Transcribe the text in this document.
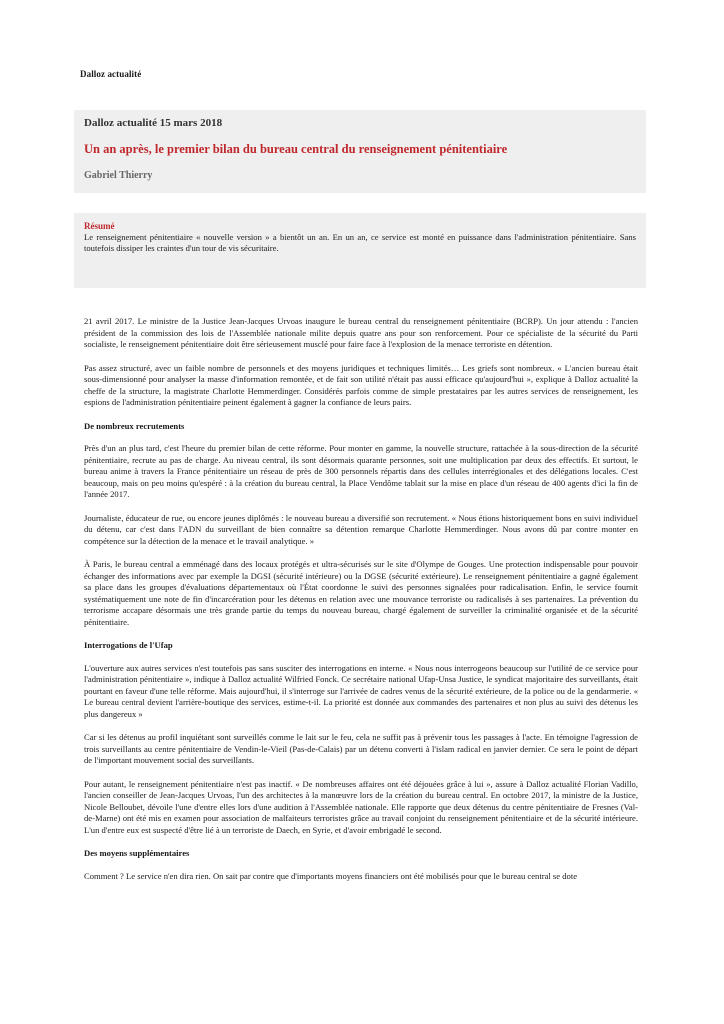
Dalloz actualité
Dalloz actualité 15 mars 2018
Un an après, le premier bilan du bureau central du renseignement pénitentiaire
Gabriel Thierry
Résumé
Le renseignement pénitentiaire « nouvelle version » a bientôt un an. En un an, ce service est monté en puissance dans l'administration pénitentiaire. Sans toutefois dissiper les craintes d'un tour de vis sécuritaire.

21 avril 2017. Le ministre de la Justice Jean-Jacques Urvoas inaugure le bureau central du renseignement pénitentiaire (BCRP). Un jour attendu : l'ancien président de la commission des lois de l'Assemblée nationale milite depuis quatre ans pour son renforcement. Pour ce spécialiste de la sécurité du Parti socialiste, le renseignement pénitentiaire doit être sérieusement musclé pour faire face à l'explosion de la menace terroriste en détention.

Pas assez structuré, avec un faible nombre de personnels et des moyens juridiques et techniques limités… Les griefs sont nombreux. « L'ancien bureau était sous-dimensionné pour analyser la masse d'information remontée, et de fait son utilité n'était pas aussi efficace qu'aujourd'hui », explique à Dalloz actualité la cheffe de la structure, la magistrate Charlotte Hemmerdinger. Considérés parfois comme de simple prestataires par les autres services de renseignement, les espions de l'administration pénitentiaire peinent également à gagner la confiance de leurs pairs.

De nombreux recrutements

Près d'un an plus tard, c'est l'heure du premier bilan de cette réforme. Pour monter en gamme, la nouvelle structure, rattachée à la sous-direction de la sécurité pénitentiaire, recrute au pas de charge. Au niveau central, ils sont désormais quarante personnes, soit une multiplication par deux des effectifs. Et surtout, le bureau anime à travers la France pénitentiaire un réseau de près de 300 personnels répartis dans des cellules interrégionales et des délégations locales. C'est beaucoup, mais on peu moins qu'espéré : à la création du bureau central, la Place Vendôme tablait sur la mise en place d'un réseau de 400 agents d'ici la fin de l'année 2017.

Journaliste, éducateur de rue, ou encore jeunes diplômés : le nouveau bureau a diversifié son recrutement. « Nous étions historiquement bons en suivi individuel du détenu, car c'est dans l'ADN du surveillant de bien connaître sa détention remarque Charlotte Hemmerdinger. Nous avons dû par contre monter en compétence sur la détection de la menace et le travail analytique. »

À Paris, le bureau central a emménagé dans des locaux protégés et ultra-sécurisés sur le site d'Olympe de Gouges. Une protection indispensable pour pouvoir échanger des informations avec par exemple la DGSI (sécurité intérieure) ou la DGSE (sécurité extérieure). Le renseignement pénitentiaire a gagné également sa place dans les groupes d'évaluations départementaux où l'État coordonne le suivi des personnes signalées pour radicalisation. Enfin, le service fournit systématiquement une note de fin d'incarcération pour les détenus en relation avec une mouvance terroriste ou radicalisés à ses partenaires. La prévention du terrorisme accapare désormais une très grande partie du temps du nouveau bureau, chargé également de surveiller la criminalité organisée et de la sécurité pénitentiaire.

Interrogations de l'Ufap

L'ouverture aux autres services n'est toutefois pas sans susciter des interrogations en interne. « Nous nous interrogeons beaucoup sur l'utilité de ce service pour l'administration pénitentiaire », indique à Dalloz actualité Wilfried Fonck. Ce secrétaire national Ufap-Unsa Justice, le syndicat majoritaire des surveillants, était pourtant en faveur d'une telle réforme. Mais aujourd'hui, il s'interroge sur l'arrivée de cadres venus de la sécurité extérieure, de la police ou de la gendarmerie. « Le bureau central devient l'arrière-boutique des services, estime-t-il. La priorité est donnée aux commandes des partenaires et non plus au suivi des détenus les plus dangereux »

Car si les détenus au profil inquiétant sont surveillés comme le lait sur le feu, cela ne suffit pas à prévenir tous les passages à l'acte. En témoigne l'agression de trois surveillants au centre pénitentiaire de Vendin-le-Vieil (Pas-de-Calais) par un détenu converti à l'islam radical en janvier dernier. Ce sera le point de départ de l'important mouvement social des surveillants.

Pour autant, le renseignement pénitentiaire n'est pas inactif. « De nombreuses affaires ont été déjouées grâce à lui », assure à Dalloz actualité Florian Vadillo, l'ancien conseiller de Jean-Jacques Urvoas, l'un des architectes à la manœuvre lors de la création du bureau central. En octobre 2017, la ministre de la Justice, Nicole Belloubet, dévoile l'une d'entre elles lors d'une audition à l'Assemblée nationale. Elle rapporte que deux détenus du centre pénitentiaire de Fresnes (Val-de-Marne) ont été mis en examen pour association de malfaiteurs terroristes grâce au travail conjoint du renseignement pénitentiaire et de la sécurité intérieure. L'un d'entre eux est suspecté d'être lié à un terroriste de Daech, en Syrie, et d'avoir embrigadé le second.

Des moyens supplémentaires

Comment ? Le service n'en dira rien. On sait par contre que d'importants moyens financiers ont été mobilisés pour que le bureau central se dote
